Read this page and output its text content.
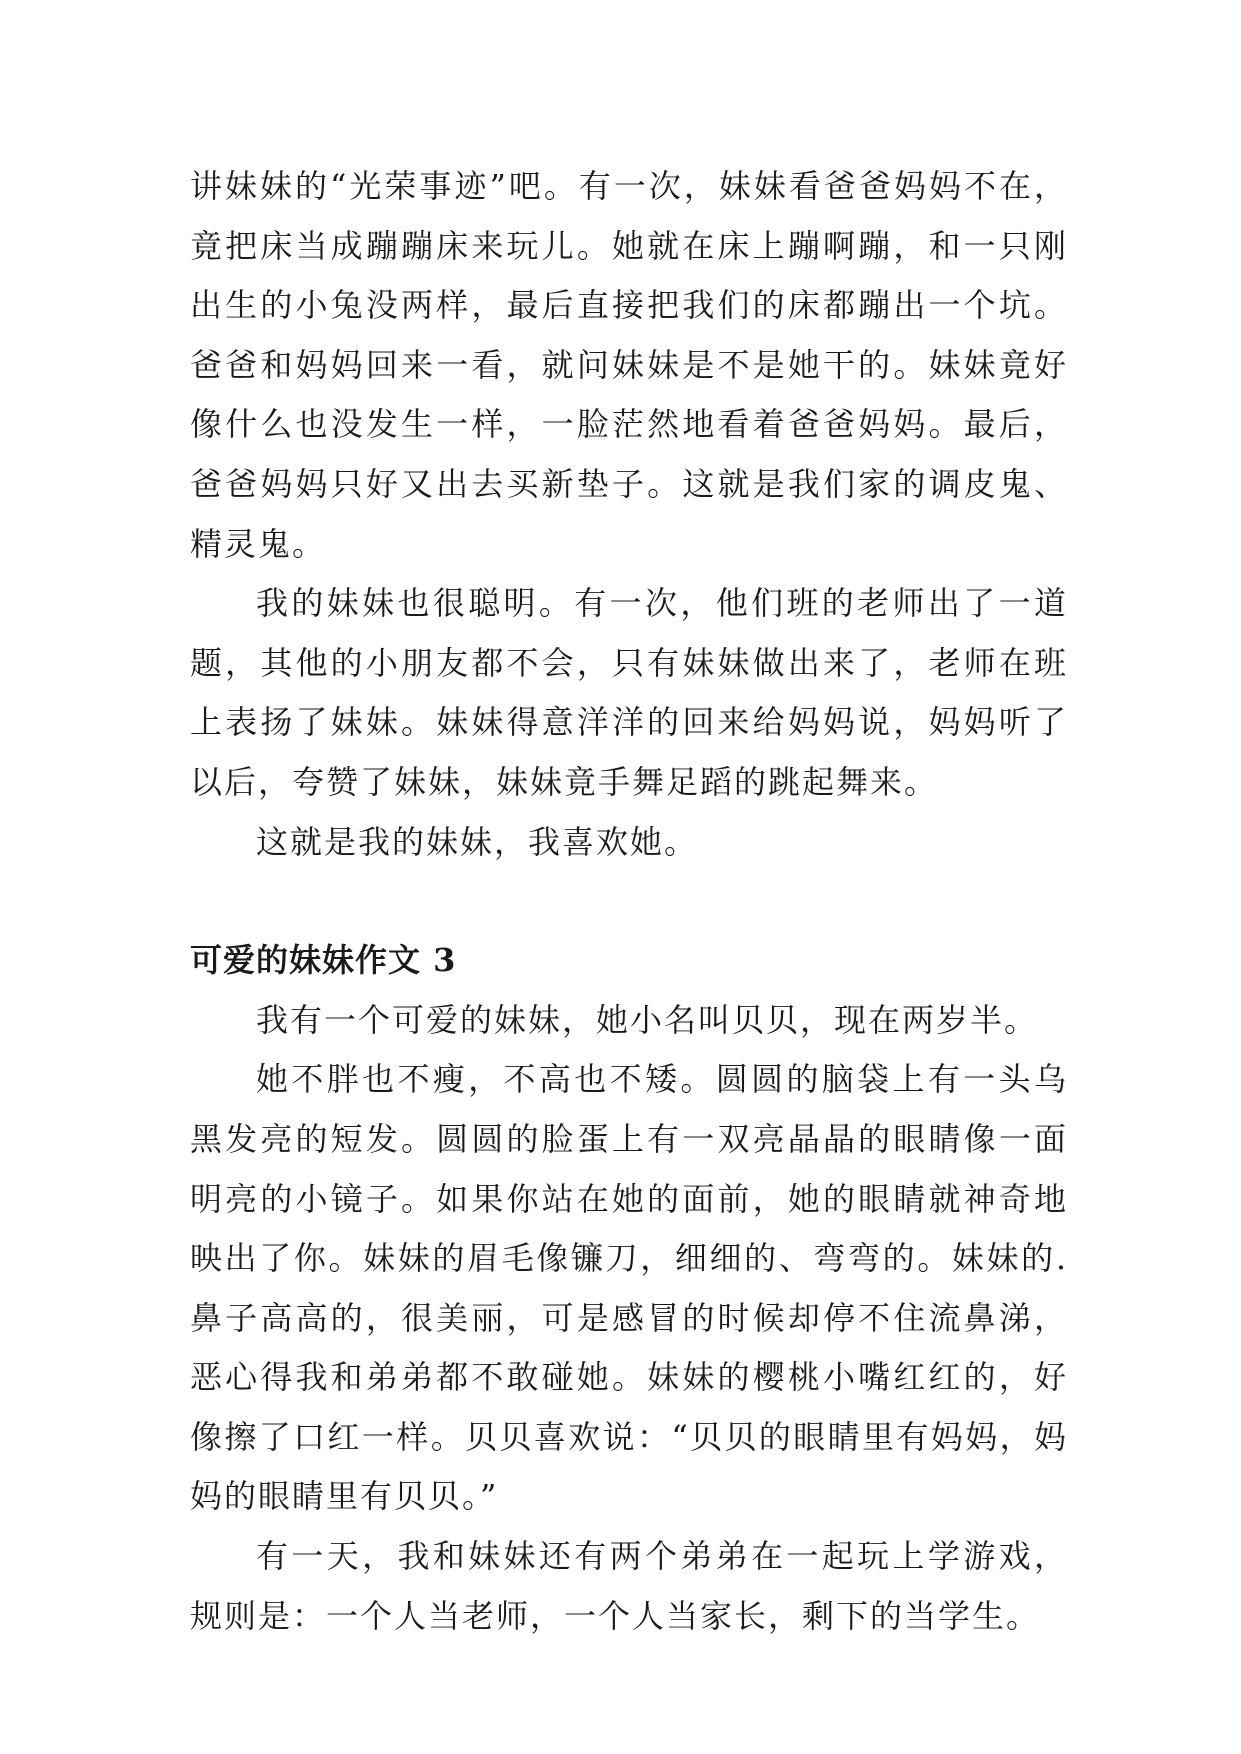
讲妹妹的“光荣事迹”吧。有一次，妹妹看爸爸妈妈不在，竟把床当成蹦蹦床来玩儿。她就在床上蹦啊蹦，和一只刚出生的小兔没两样，最后直接把我们的床都蹦出一个坑。爸爸和妈妈回来一看，就问妹妹是不是她干的。妹妹竟好像什么也没发生一样，一脸茫然地看着爸爸妈妈。最后，爸爸妈妈只好又出去买新垫子。这就是我们家的调皮鬼、精灵鬼。

我的妹妹也很聪明。有一次，他们班的老师出了一道题，其他的小朋友都不会，只有妹妹做出来了，老师在班上表扬了妹妹。妹妹得意洋洋的回来给妈妈说，妈妈听了以后，夸赞了妹妹，妹妹竟手舞足蹈的跳起舞来。

这就是我的妹妹，我喜欢她。

可爱的妹妹作文 3

我有一个可爱的妹妹，她小名叫贝贝，现在两岁半。

她不胖也不瘦，不高也不矮。圆圆的脑袋上有一头乌黑发亮的短发。圆圆的脸蛋上有一双亮晶晶的眼睛像一面明亮的小镜子。如果你站在她的面前，她的眼睛就神奇地映出了你。妹妹的眉毛像镰刀，细细的、弯弯的。妹妹的.鼻子高高的，很美丽，可是感冒的时候却停不住流鼻涕，恶心得我和弟弟都不敢碰她。妹妹的樱桃小嘴红红的，好像擦了口红一样。贝贝喜欢说：“贝贝的眼睛里有妈妈，妈妈的眼睛里有贝贝。”

有一天，我和妹妹还有两个弟弟在一起玩上学游戏，规则是：一个人当老师，一个人当家长，剩下的当学生。
